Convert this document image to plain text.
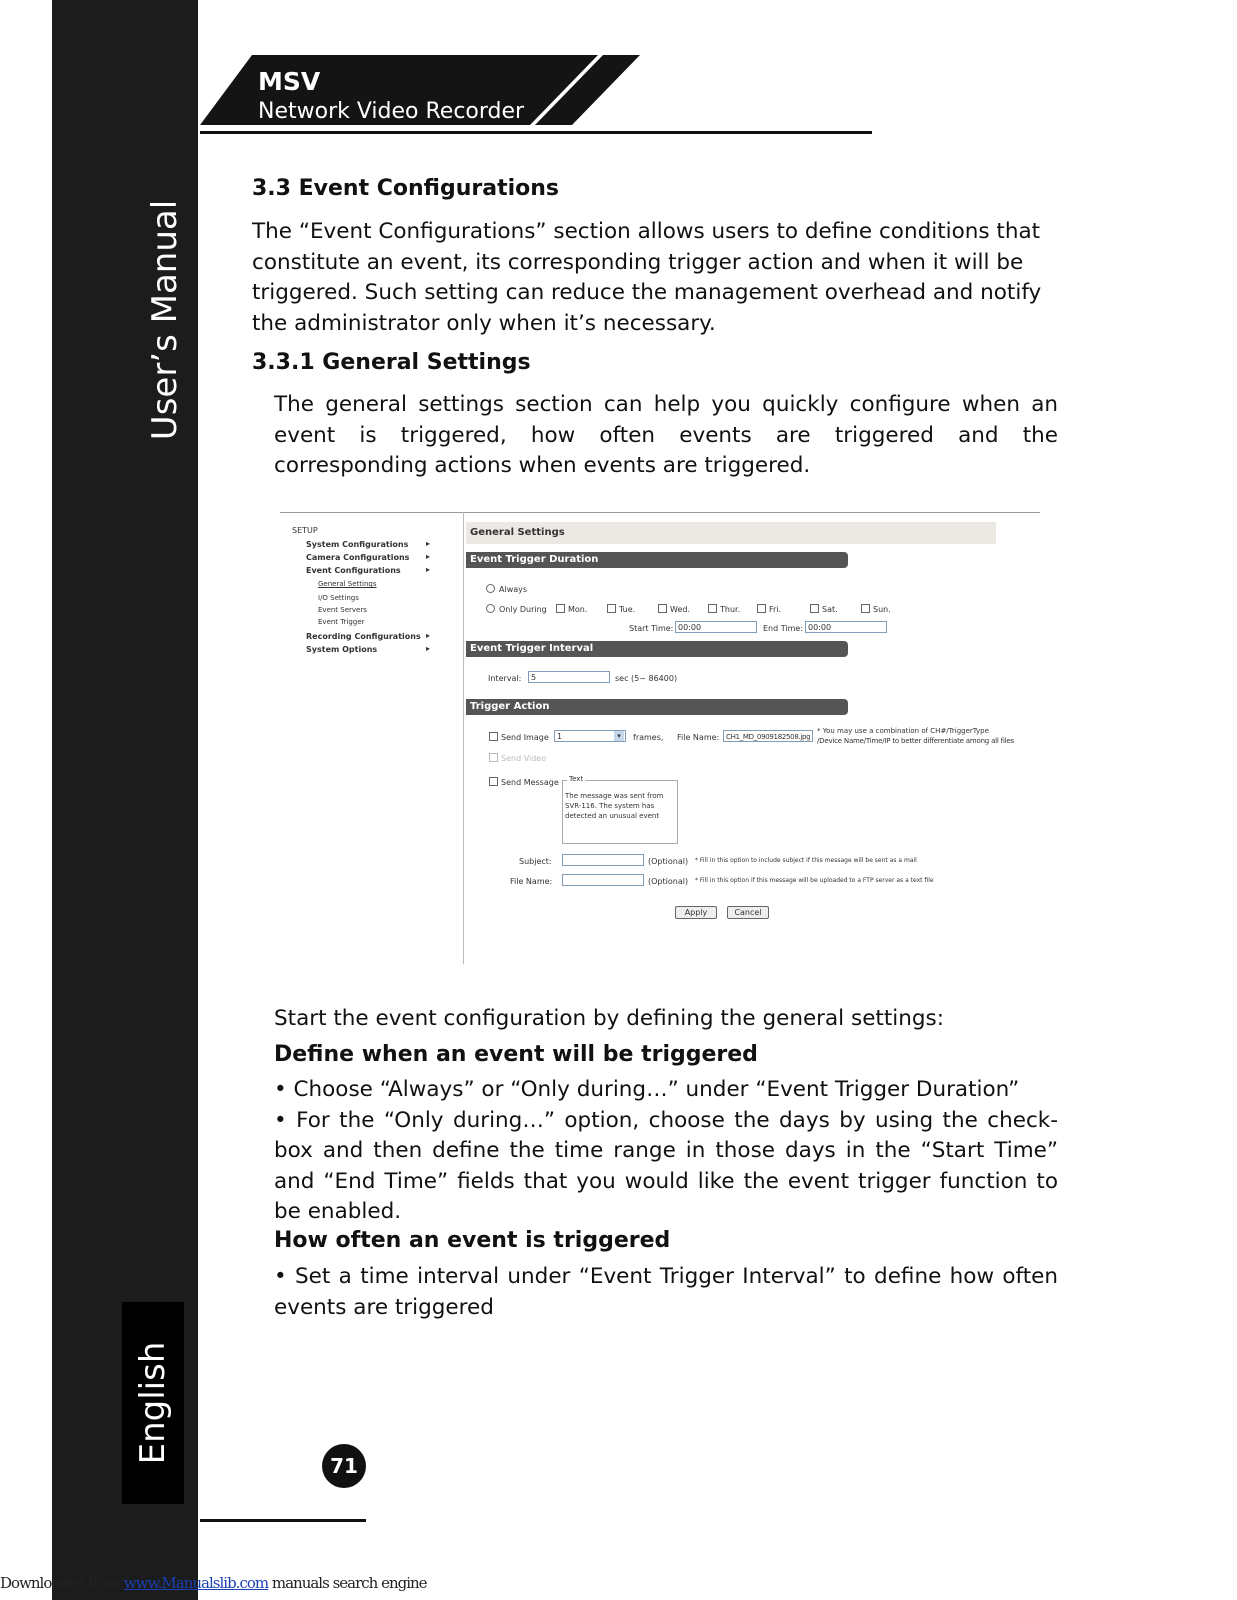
User’s Manual
English
MSV
Network Video Recorder
3.3 Event Configurations
The “Event Configurations” section allows users to define conditions that constitute an event, its corresponding trigger action and when it will be triggered. Such setting can reduce the management overhead and notify the administrator only when it’s necessary.
3.3.1 General Settings
The general settings section can help you quickly configure when an event is triggered, how often events are triggered and the corresponding actions when events are triggered.
SETUP
System Configurations ▸
Camera Configurations ▸
Event Configurations	▸
General Settings
I/O Settings
Event Servers
Event Trigger
Recording Configurations ▸
System Options	▸
General Settings
Event Trigger Duration
Always
Only During	Mon.	Tue.	Wed.	Thur.	Fri.	Sat.	Sun.
Start Time: 00:00	End Time: 00:00
Event Trigger Interval
Interval:	5	sec (5~ 86400)
Trigger Action
Send Image	1	▾	frames, File Name: CH1_MD_0909182508.jpg
* You may use a combination of CH#/TriggerType
/Device Name/Time/IP to better differentiate among all files
Send Video
Send Message Text
The message was sent from SVR-116. The system has detected an unusual event
Subject:	(Optional) * Fill in this option to include subject if this message will be sent as a mail
File Name:	(Optional) * Fill in this option if this message will be uploaded to a FTP server as a text file
Apply	Cancel
Start the event configuration by defining the general settings:
Define when an event will be triggered

• Choose “Always” or “Only during…” under “Event Trigger Duration”

• For the “Only during…” option, choose the days by using the check-box and then define the time range in those days in the “Start Time” and “End Time” fields that you would like the event trigger function to be enabled.

How often an event is triggered
• Set a time interval under “Event Trigger Interval” to define how often events are triggered
71
Downloaded from www.Manualslib.com manuals search engine
